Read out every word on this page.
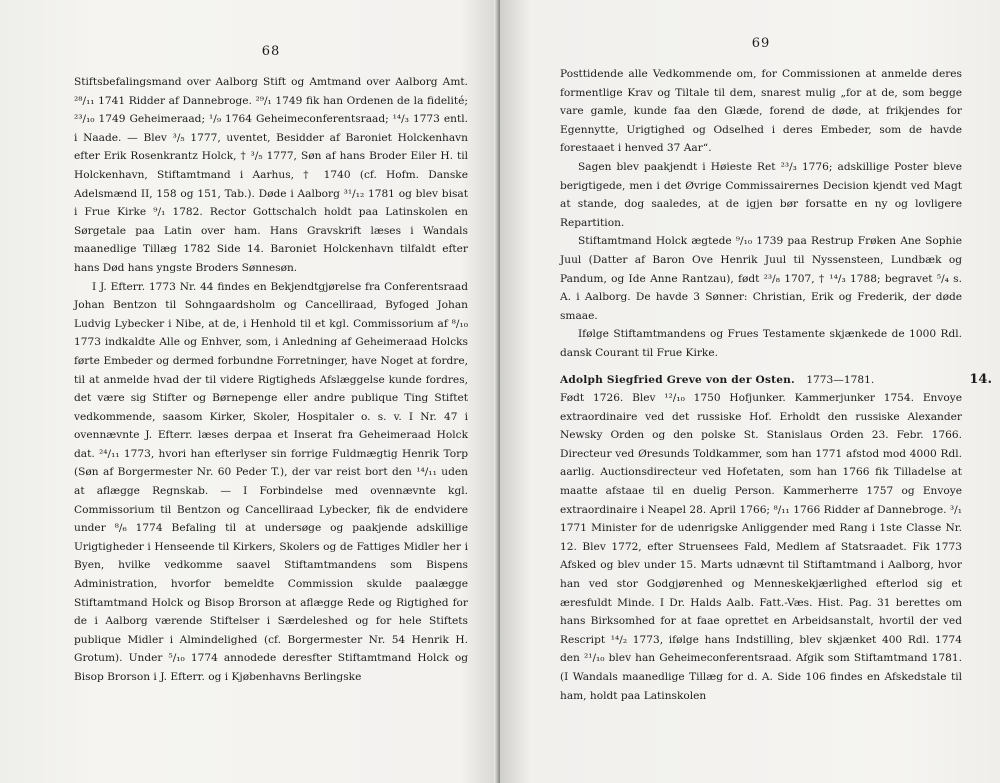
68

Stiftsbefalingsmand over Aalborg Stift og Amtmand over Aalborg Amt. ²⁸/₁₁ 1741 Ridder af Dannebroge. ²⁹/₁ 1749 fik han Ordenen de la fidelité; ²³/₁₀ 1749 Geheimeraad; ¹/₉ 1764 Geheimeconferentsraad; ¹⁴/₃ 1773 entl. i Naade. — Blev ³/₅ 1777, uventet, Besidder af Baroniet Holckenhavn efter Erik Rosenkrantz Holck, † ³/₅ 1777, Søn af hans Broder Eiler H. til Holckenhavn, Stiftamtmand i Aarhus, † 1740 (cf. Hofm. Danske Adelsmænd II, 158 og 151, Tab.). Døde i Aalborg ³¹/₁₂ 1781 og blev bisat i Frue Kirke ⁹/₁ 1782. Rector Gottschalch holdt paa Latinskolen en Sørgetale paa Latin over ham. Hans Gravskrift læses i Wandals maanedlige Tillæg 1782 Side 14. Baroniet Holckenhavn tilfaldt efter hans Død hans yngste Broders Sønnesøn.

I J. Efterr. 1773 Nr. 44 findes en Bekjendtgjørelse fra Conferentsraad Johan Bentzon til Sohngaardsholm og Cancelliraad, Byfoged Johan Ludvig Lybecker i Nibe, at de, i Henhold til et kgl. Commissorium af ⁸/₁₀ 1773 indkaldte Alle og Enhver, som, i Anledning af Geheimeraad Holcks førte Embeder og dermed forbundne Forretninger, have Noget at fordre, til at anmelde hvad der til videre Rigtigheds Afslæggelse kunde fordres, det være sig Stifter og Børnepenge eller andre publique Ting Stiftet vedkommende, saasom Kirker, Skoler, Hospitaler o. s. v. I Nr. 47 i ovennævnte J. Efterr. læses derpaa et Inserat fra Geheimeraad Holck dat. ²⁴/₁₁ 1773, hvori han efterlyser sin forrige Fuldmægtig Henrik Torp (Søn af Borgermester Nr. 60 Peder T.), der var reist bort den ¹⁴/₁₁ uden at aflægge Regnskab. — I Forbindelse med ovennævnte kgl. Commissorium til Bentzon og Cancelliraad Lybecker, fik de endvidere under ⁸/₆ 1774 Befaling til at undersøge og paakjende adskillige Urigtigheder i Henseende til Kirkers, Skolers og de Fattiges Midler her i Byen, hvilke vedkomme saavel Stiftamtmandens som Bispens Administration, hvorfor bemeldte Commission skulde paalægge Stiftamtmand Holck og Bisop Brorson at aflægge Rede og Rigtighed for de i Aalborg værende Stiftelser i Særdeleshed og for hele Stiftets publique Midler i Almindelighed (cf. Borgermester Nr. 54 Henrik H. Grotum). Under ⁵/₁₀ 1774 annodede deresfter Stiftamtmand Holck og Bisop Brorson i J. Efterr. og i Kjøbenhavns Berlingske

69

Posttidende alle Vedkommende om, for Commissionen at anmelde deres formentlige Krav og Tiltale til dem, snarest mulig „for at de, som begge vare gamle, kunde faa den Glæde, forend de døde, at frikjendes for Egennytte, Urigtighed og Odselhed i deres Embeder, som de havde forestaaet i henved 37 Aar“.

Sagen blev paakjendt i Høieste Ret ²³/₃ 1776; adskillige Poster bleve berigtigede, men i det Øvrige Commissairernes Decision kjendt ved Magt at stande, dog saaledes, at de igjen bør forsatte en ny og lovligere Repartition.

Stiftamtmand Holck ægtede ⁹/₁₀ 1739 paa Restrup Frøken Ane Sophie Juul (Datter af Baron Ove Henrik Juul til Nyssensteen, Lundbæk og Pandum, og Ide Anne Rantzau), født ²³/₈ 1707, † ¹⁴/₃ 1788; begravet ⁵/₄ s. A. i Aalborg. De havde 3 Sønner: Christian, Erik og Frederik, der døde smaae.

Ifølge Stiftamtmandens og Frues Testamente skjænkede de 1000 Rdl. dansk Courant til Frue Kirke.

Adolph Siegfried Greve von der Osten. 1773—1781.	14.

Født 1726. Blev ¹²/₁₀ 1750 Hofjunker. Kammerjunker 1754. Envoye extraordinaire ved det russiske Hof. Erholdt den russiske Alexander Newsky Orden og den polske St. Stanislaus Orden 23. Febr. 1766. Directeur ved Øresunds Toldkammer, som han 1771 afstod mod 4000 Rdl. aarlig. Auctionsdirecteur ved Hofetaten, som han 1766 fik Tilladelse at maatte afstaae til en duelig Person. Kammerherre 1757 og Envoye extraordinaire i Neapel 28. April 1766; ⁸/₁₁ 1766 Ridder af Dannebroge. ³/₁ 1771 Minister for de udenrigske Anliggender med Rang i 1ste Classe Nr. 12. Blev 1772, efter Struensees Fald, Medlem af Statsraadet. Fik 1773 Afsked og blev under 15. Marts udnævnt til Stiftamtmand i Aalborg, hvor han ved stor Godgjørenhed og Menneskekjærlighed efterlod sig et æresfuldt Minde. I Dr. Halds Aalb. Fatt.-Væs. Hist. Pag. 31 berettes om hans Birksomhed for at faae oprettet en Arbeidsanstalt, hvortil der ved Rescript ¹⁴/₂ 1773, ifølge hans Indstilling, blev skjænket 400 Rdl. 1774 den ²¹/₁₀ blev han Geheimeconferentsraad. Afgik som Stiftamtmand 1781. (I Wandals maanedlige Tillæg for d. A. Side 106 findes en Afskedstale til ham, holdt paa Latinskolen
